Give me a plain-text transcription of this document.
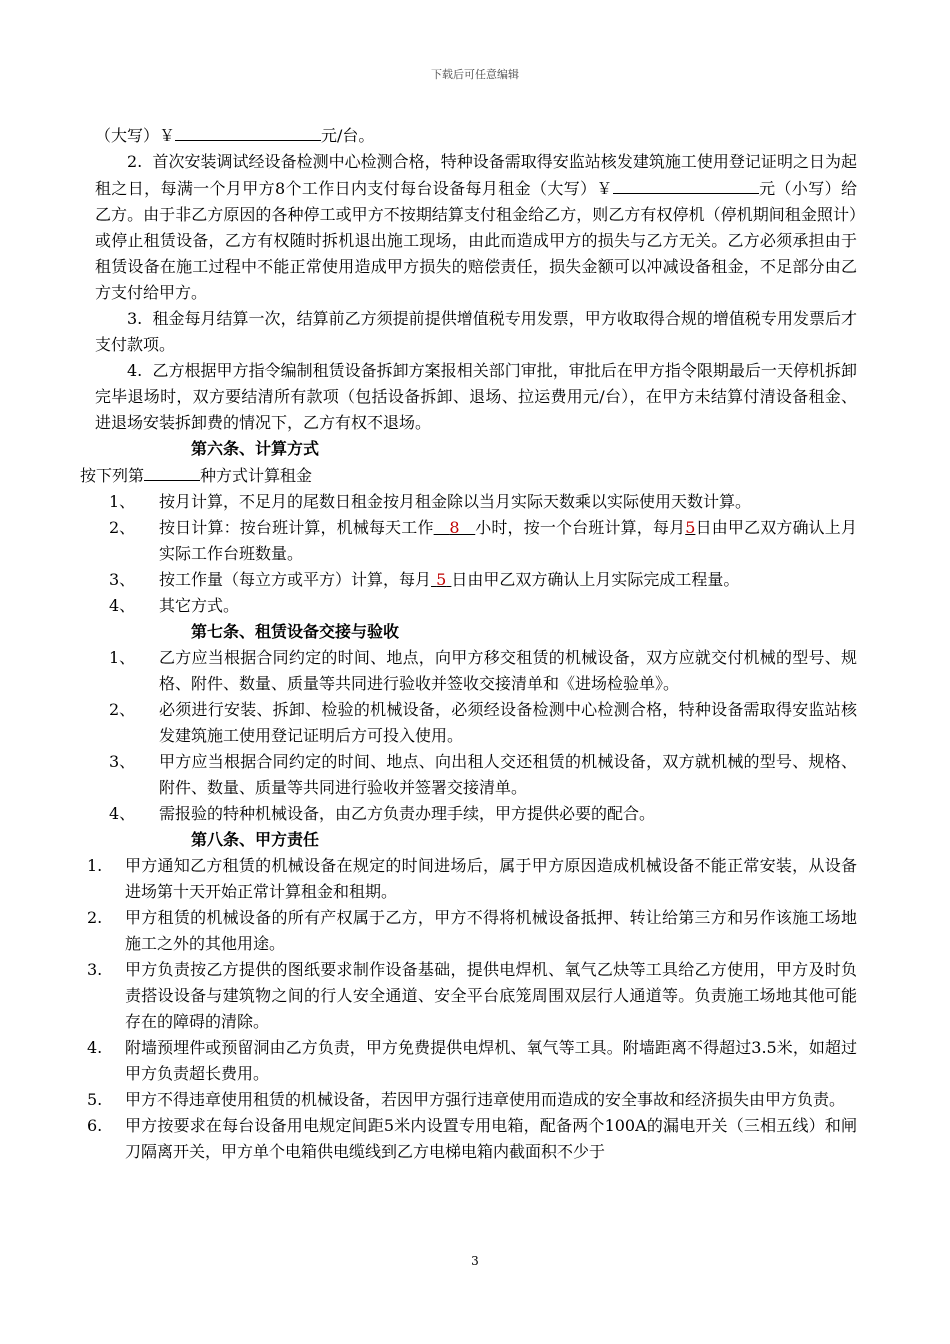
下载后可任意编辑
（大写）￥	元/台。
2. 首次安装调试经设备检测中心检测合格，特种设备需取得安监站核发建筑施工使用登记证明之日为起租之日，每满一个月甲方8个工作日内支付每台设备每月租金（大写）￥	元（小写）给乙方。由于非乙方原因的各种停工或甲方不按期结算支付租金给乙方，则乙方有权停机（停机期间租金照计）或停止租赁设备，乙方有权随时拆机退出施工现场，由此而造成甲方的损失与乙方无关。乙方必须承担由于租赁设备在施工过程中不能正常使用造成甲方损失的赔偿责任，损失金额可以冲减设备租金，不足部分由乙方支付给甲方。
3. 租金每月结算一次，结算前乙方须提前提供增值税专用发票，甲方收取得合规的增值税专用发票后才支付款项。
4. 乙方根据甲方指令编制租赁设备拆卸方案报相关部门审批，审批后在甲方指令限期最后一天停机拆卸完毕退场时，双方要结清所有款项（包括设备拆卸、退场、拉运费用元/台），在甲方未结算付清设备租金、进退场安装拆卸费的情况下，乙方有权不退场。
第六条、计算方式
按下列第	种方式计算租金
1、 按月计算，不足月的尾数日租金按月租金除以当月实际天数乘以实际使用天数计算。
2、 按日计算：按台班计算，机械每天工作 8 小时，按一个台班计算，每月5日由甲乙双方确认上月实际工作台班数量。
3、 按工作量（每立方或平方）计算，每月 5 日由甲乙双方确认上月实际完成工程量。
4、 其它方式。
第七条、租赁设备交接与验收
1、 乙方应当根据合同约定的时间、地点，向甲方移交租赁的机械设备，双方应就交付机械的型号、规格、附件、数量、质量等共同进行验收并签收交接清单和《进场检验单》。
2、 必须进行安装、拆卸、检验的机械设备，必须经设备检测中心检测合格，特种设备需取得安监站核发建筑施工使用登记证明后方可投入使用。
3、 甲方应当根据合同约定的时间、地点、向出租人交还租赁的机械设备，双方就机械的型号、规格、附件、数量、质量等共同进行验收并签署交接清单。
4、 需报验的特种机械设备，由乙方负责办理手续，甲方提供必要的配合。
第八条、甲方责任
1. 甲方通知乙方租赁的机械设备在规定的时间进场后，属于甲方原因造成机械设备不能正常安装，从设备进场第十天开始正常计算租金和租期。
2. 甲方租赁的机械设备的所有产权属于乙方，甲方不得将机械设备抵押、转让给第三方和另作该施工场地施工之外的其他用途。
3. 甲方负责按乙方提供的图纸要求制作设备基础，提供电焊机、氧气乙炔等工具给乙方使用，甲方及时负责搭设设备与建筑物之间的行人安全通道、安全平台底笼周围双层行人通道等。负责施工场地其他可能存在的障碍的清除。
4. 附墙预埋件或预留洞由乙方负责，甲方免费提供电焊机、氧气等工具。附墙距离不得超过3.5米，如超过甲方负责超长费用。
5. 甲方不得违章使用租赁的机械设备，若因甲方强行违章使用而造成的安全事故和经济损失由甲方负责。
6. 甲方按要求在每台设备用电规定间距5米内设置专用电箱，配备两个100A的漏电开关（三相五线）和闸刀隔离开关，甲方单个电箱供电缆线到乙方电梯电箱内截面积不少于
3
